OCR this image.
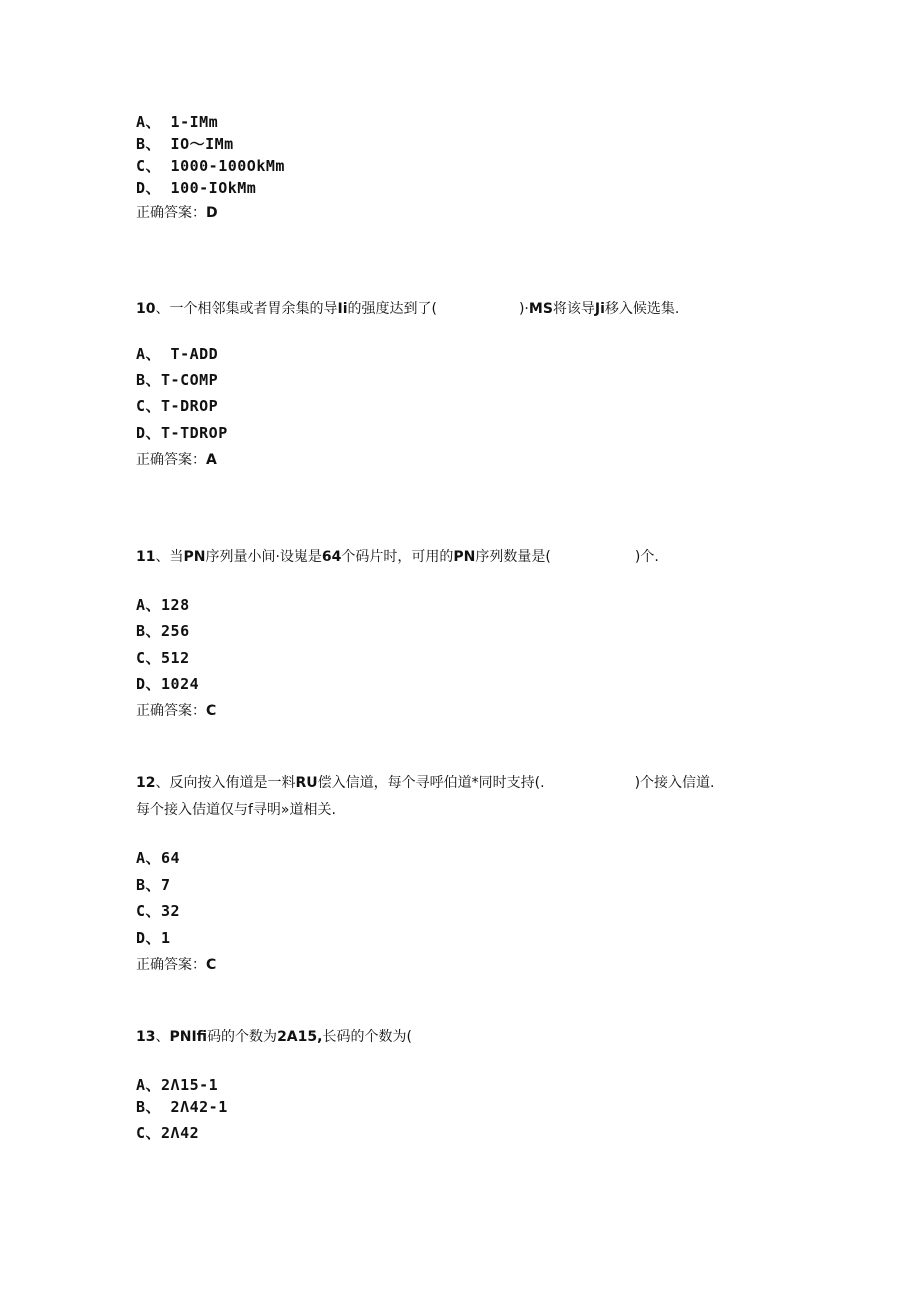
A、 1-IMm
B、 IO～IMm
C、 1000-100OkMm
D、 100-IOkMm
正确答案：D
10、一个相邻集或者胃余集的导Ii的强度达到了(	)·MS将该导Ji移入候选集.
A、 T-ADD
B、T-COMP
C、T-DROP
D、T-TDROP
正确答案：A
11、当PN序列量小间·设嵬是64个码片时，可用的PN序列数量是(	)个.
A、128
B、256
C、512
D、1024
正确答案：C
12、反向按入侑道是一料RU偿入信道，每个寻呼伯道*同时支持(.	)个接入信道.
每个接入佶道仅与f寻明»道相关.
A、64
B、7
C、32
D、1
正确答案：C
13、PNIfi码的个数为2A15,长码的个数为(
A、2Λ15-1
B、 2Λ42-1
C、2Λ42
